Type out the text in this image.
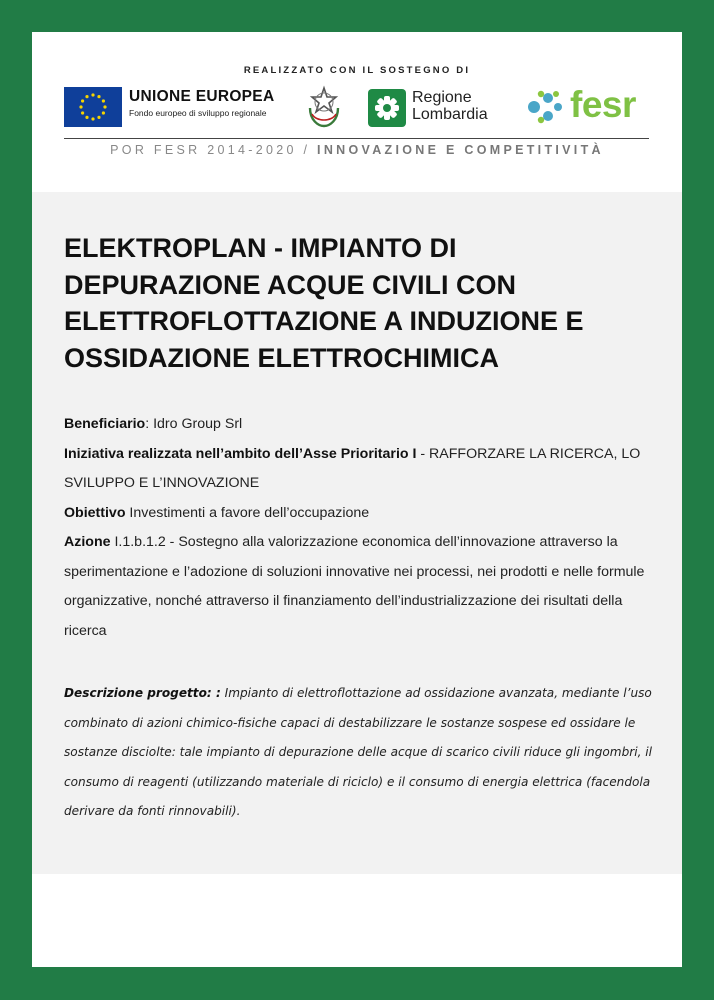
REALIZZATO CON IL SOSTEGNO DI
UNIONE EUROPEA
Fondo europeo di sviluppo regionale
Regione
Lombardia fesr
POR FESR 2014-2020 / INNOVAZIONE E COMPETITIVITÀ
ELEKTROPLAN - IMPIANTO DI DEPURAZIONE ACQUE CIVILI CON ELETTROFLOTTAZIONE A INDUZIONE E OSSIDAZIONE ELETTROCHIMICA

Beneficiario: Idro Group Srl

Iniziativa realizzata nell’ambito dell’Asse Prioritario I - RAFFORZARE LA RICERCA, LO SVILUPPO E L’INNOVAZIONE

Obiettivo Investimenti a favore dell’occupazione

Azione I.1.b.1.2 - Sostegno alla valorizzazione economica dell’innovazione attraverso la sperimentazione e l’adozione di soluzioni innovative nei processi, nei prodotti e nelle formule organizzative, nonché attraverso il finanziamento dell’industrializzazione dei risultati della ricerca

Descrizione progetto: : Impianto di elettroflottazione ad ossidazione avanzata, mediante l’uso combinato di azioni chimico-fisiche capaci di destabilizzare le sostanze sospese ed ossidare le sostanze disciolte: tale impianto di depurazione delle acque di scarico civili riduce gli ingombri, il consumo di reagenti (utilizzando materiale di riciclo) e il consumo di energia elettrica (facendola derivare da fonti rinnovabili).
